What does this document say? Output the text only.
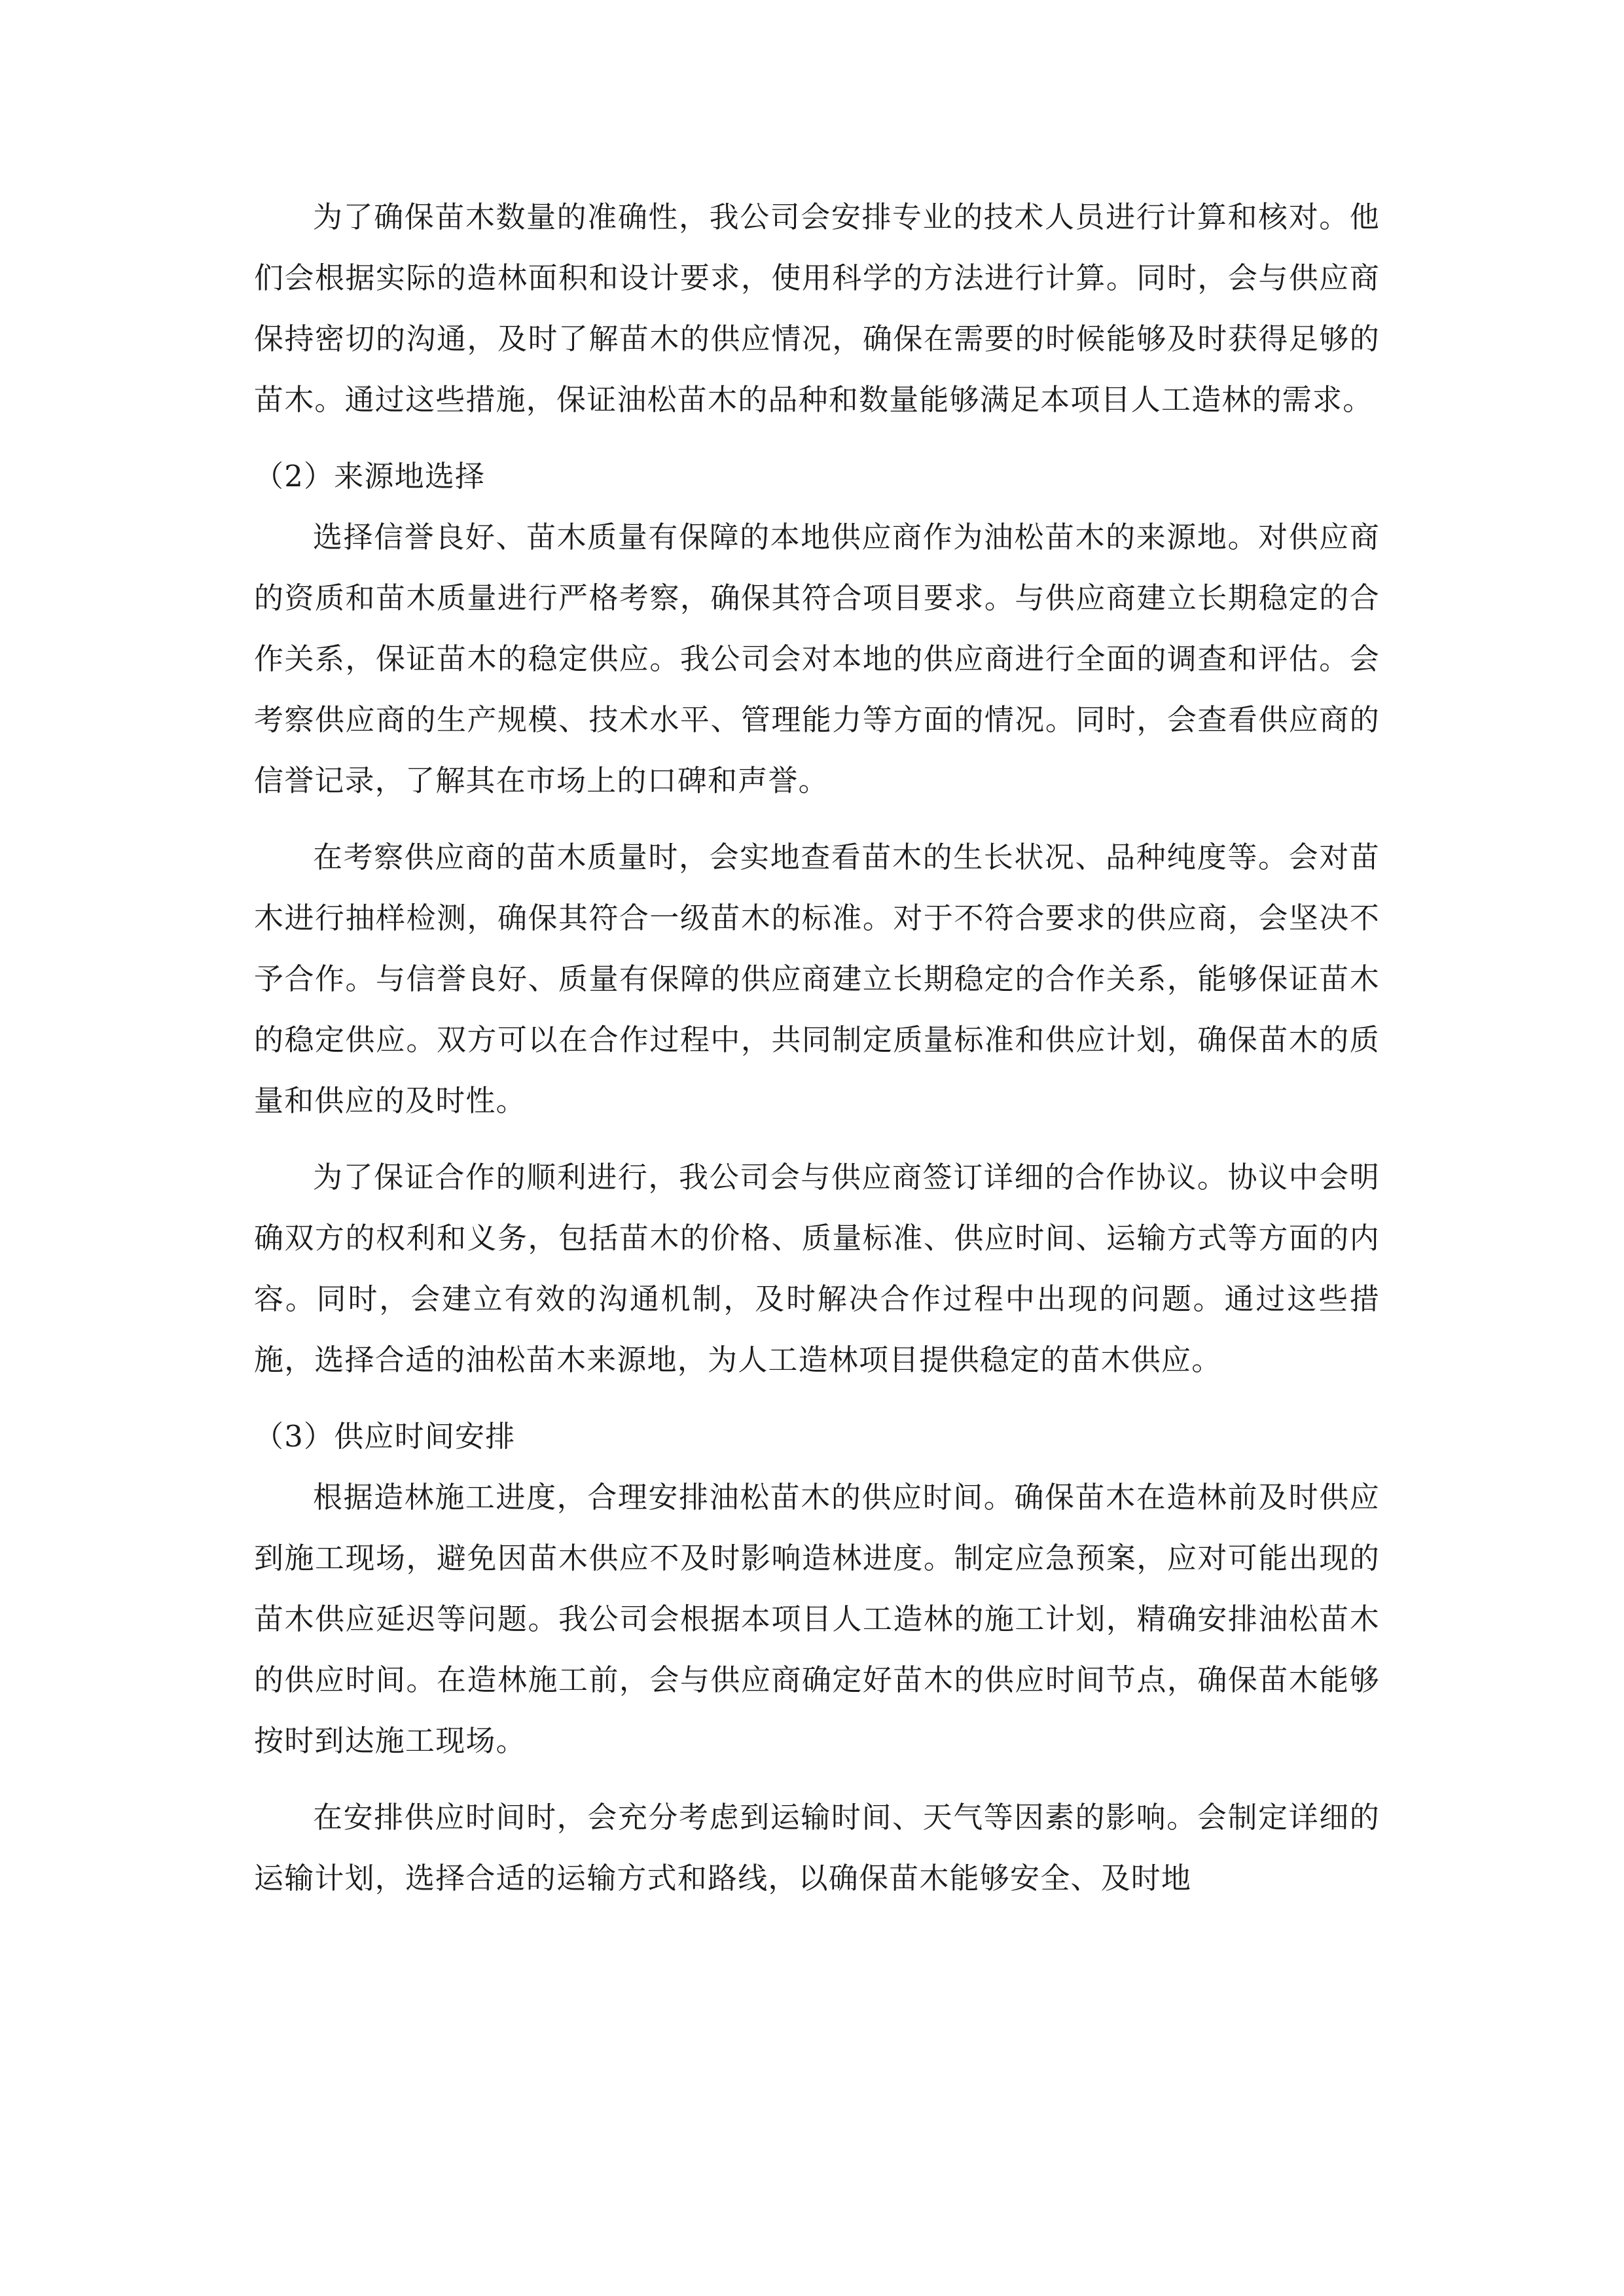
为了确保苗木数量的准确性，我公司会安排专业的技术人员进行计算和核对。他们会根据实际的造林面积和设计要求，使用科学的方法进行计算。同时，会与供应商保持密切的沟通，及时了解苗木的供应情况，确保在需要的时候能够及时获得足够的苗木。通过这些措施，保证油松苗木的品种和数量能够满足本项目人工造林的需求。

（2）来源地选择

选择信誉良好、苗木质量有保障的本地供应商作为油松苗木的来源地。对供应商的资质和苗木质量进行严格考察，确保其符合项目要求。与供应商建立长期稳定的合作关系，保证苗木的稳定供应。我公司会对本地的供应商进行全面的调查和评估。会考察供应商的生产规模、技术水平、管理能力等方面的情况。同时，会查看供应商的信誉记录，了解其在市场上的口碑和声誉。

在考察供应商的苗木质量时，会实地查看苗木的生长状况、品种纯度等。会对苗木进行抽样检测，确保其符合一级苗木的标准。对于不符合要求的供应商，会坚决不予合作。与信誉良好、质量有保障的供应商建立长期稳定的合作关系，能够保证苗木的稳定供应。双方可以在合作过程中，共同制定质量标准和供应计划，确保苗木的质量和供应的及时性。

为了保证合作的顺利进行，我公司会与供应商签订详细的合作协议。协议中会明确双方的权利和义务，包括苗木的价格、质量标准、供应时间、运输方式等方面的内容。同时，会建立有效的沟通机制，及时解决合作过程中出现的问题。通过这些措施，选择合适的油松苗木来源地，为人工造林项目提供稳定的苗木供应。

（3）供应时间安排

根据造林施工进度，合理安排油松苗木的供应时间。确保苗木在造林前及时供应到施工现场，避免因苗木供应不及时影响造林进度。制定应急预案，应对可能出现的苗木供应延迟等问题。我公司会根据本项目人工造林的施工计划，精确安排油松苗木的供应时间。在造林施工前，会与供应商确定好苗木的供应时间节点，确保苗木能够按时到达施工现场。

在安排供应时间时，会充分考虑到运输时间、天气等因素的影响。会制定详细的运输计划，选择合适的运输方式和路线，以确保苗木能够安全、及时地
